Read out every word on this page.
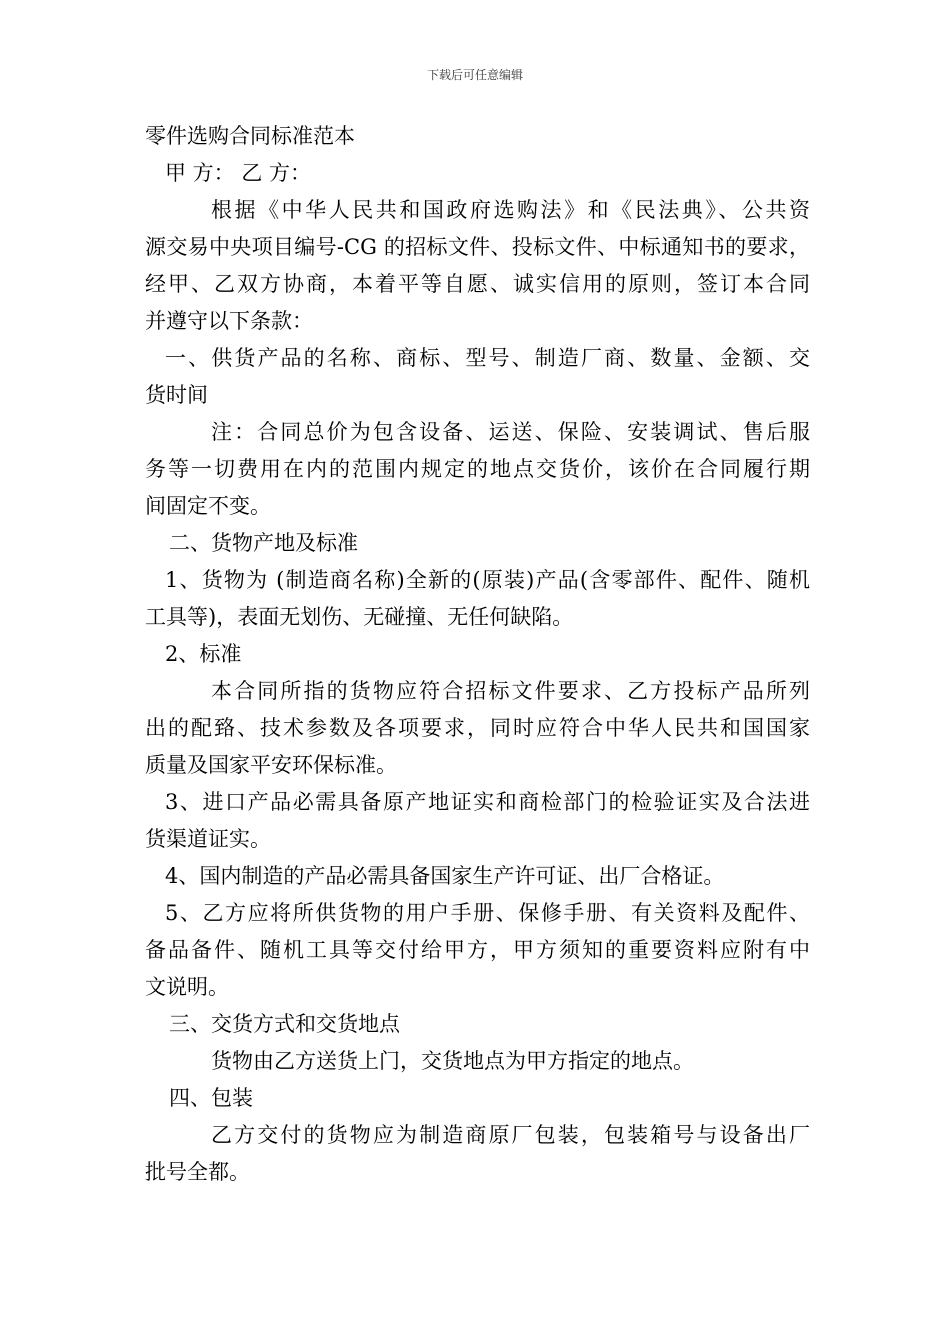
下载后可任意编辑
零件选购合同标准范本
甲 方： 乙 方：
根据《中华人民共和国政府选购法》和《民法典》、公共资
源交易中央项目编号-CG 的招标文件、投标文件、中标通知书的要求，
经甲、乙双方协商，本着平等自愿、诚实信用的原则，签订本合同
并遵守以下条款：
一、供货产品的名称、商标、型号、制造厂商、数量、金额、交
货时间
注：合同总价为包含设备、运送、保险、安装调试、售后服
务等一切费用在内的范围内规定的地点交货价，该价在合同履行期
间固定不变。
二、货物产地及标准
1、货物为 (制造商名称)全新的(原装)产品(含零部件、配件、随机
工具等)，表面无划伤、无碰撞、无任何缺陷。
2、标准
本合同所指的货物应符合招标文件要求、乙方投标产品所列
出的配臵、技术参数及各项要求，同时应符合中华人民共和国国家
质量及国家平安环保标准。
3、进口产品必需具备原产地证实和商检部门的检验证实及合法进
货渠道证实。
4、国内制造的产品必需具备国家生产许可证、出厂合格证。
5、乙方应将所供货物的用户手册、保修手册、有关资料及配件、
备品备件、随机工具等交付给甲方，甲方须知的重要资料应附有中
文说明。
三、交货方式和交货地点
货物由乙方送货上门，交货地点为甲方指定的地点。
四、包装
乙方交付的货物应为制造商原厂包装，包装箱号与设备出厂
批号全都。
